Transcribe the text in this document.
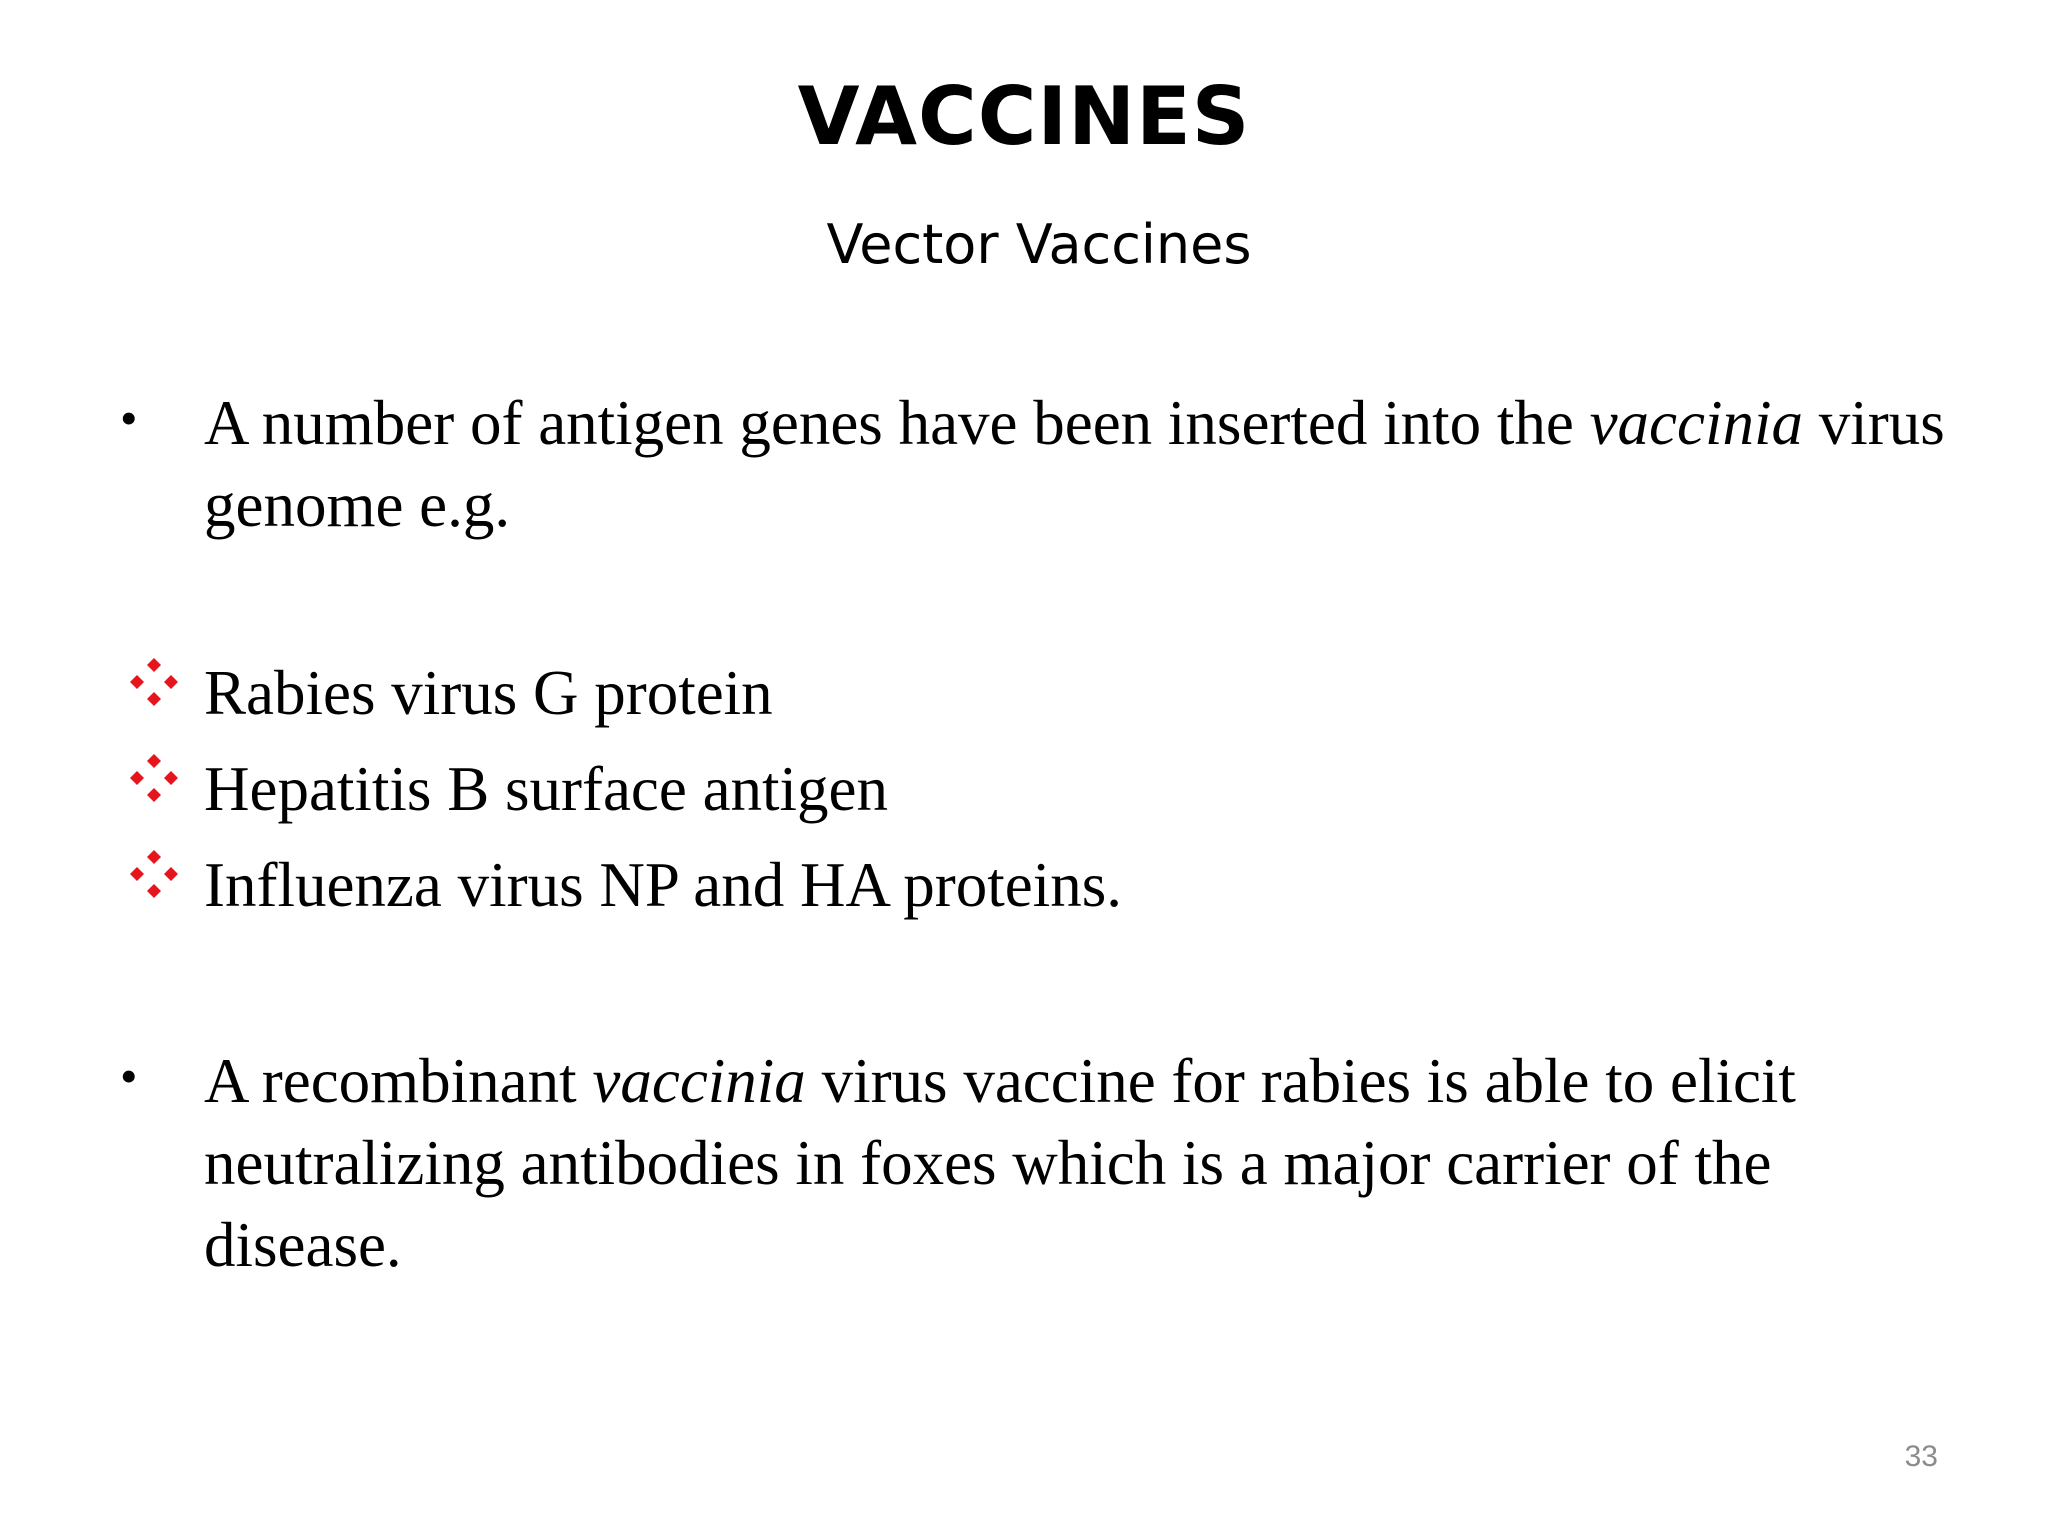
VACCINES
Vector Vaccines
•	A number of antigen genes have been inserted into the vaccinia virus genome e.g.
Rabies virus G protein
Hepatitis B surface antigen
Influenza virus NP and HA proteins.
•	A recombinant vaccinia virus vaccine for rabies is able to elicit neutralizing antibodies in foxes which is a major carrier of the disease.
33
